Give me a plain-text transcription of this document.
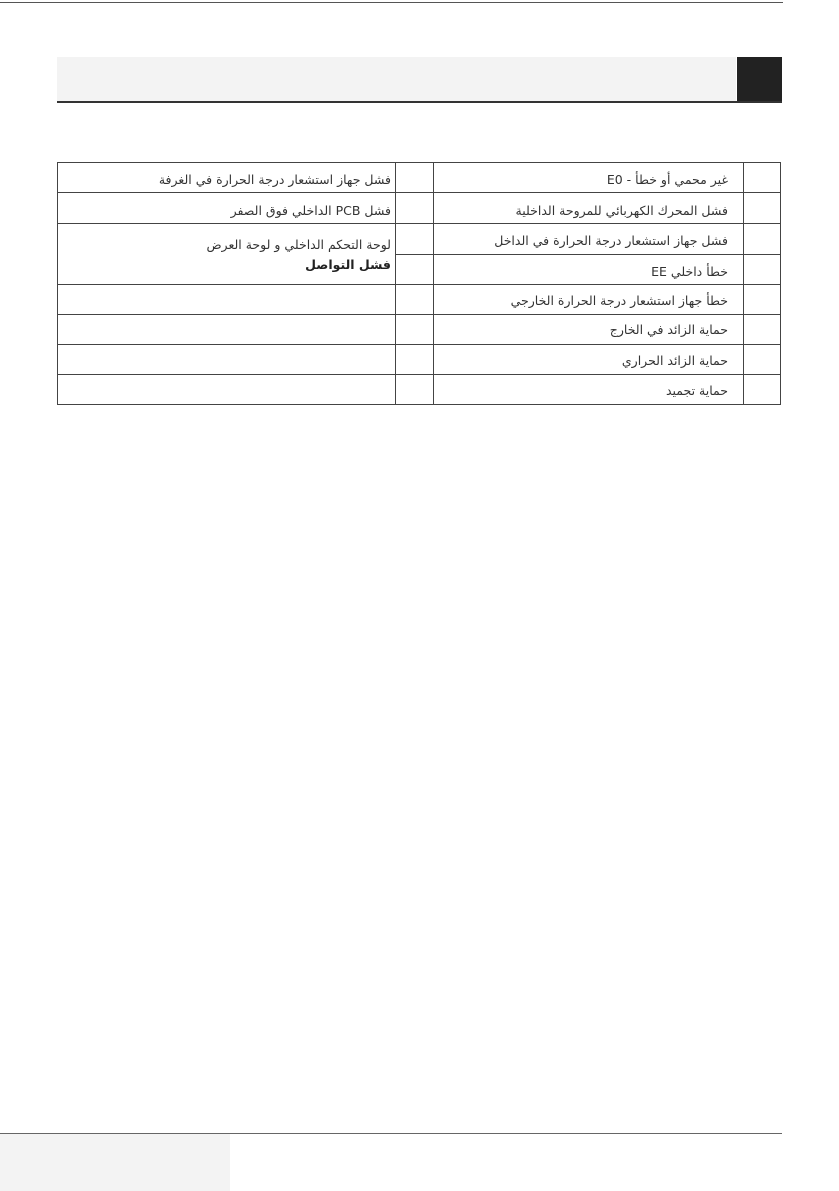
غير محمي أو خطأ - E0
فشل المحرك الكهربائي للمروحة الداخلية
فشل جهاز استشعار درجة الحرارة في الداخل
خطأ داخلي EE
خطأ جهاز استشعار درجة الحرارة الخارجي
حماية الزائد في الخارج
حماية الزائد الحراري
حماية تجميد
فشل جهاز استشعار درجة الحرارة في الغرفة
فشل PCB الداخلي فوق الصفر
لوحة التحكم الداخلي و لوحة العرض
فشل التواصل
